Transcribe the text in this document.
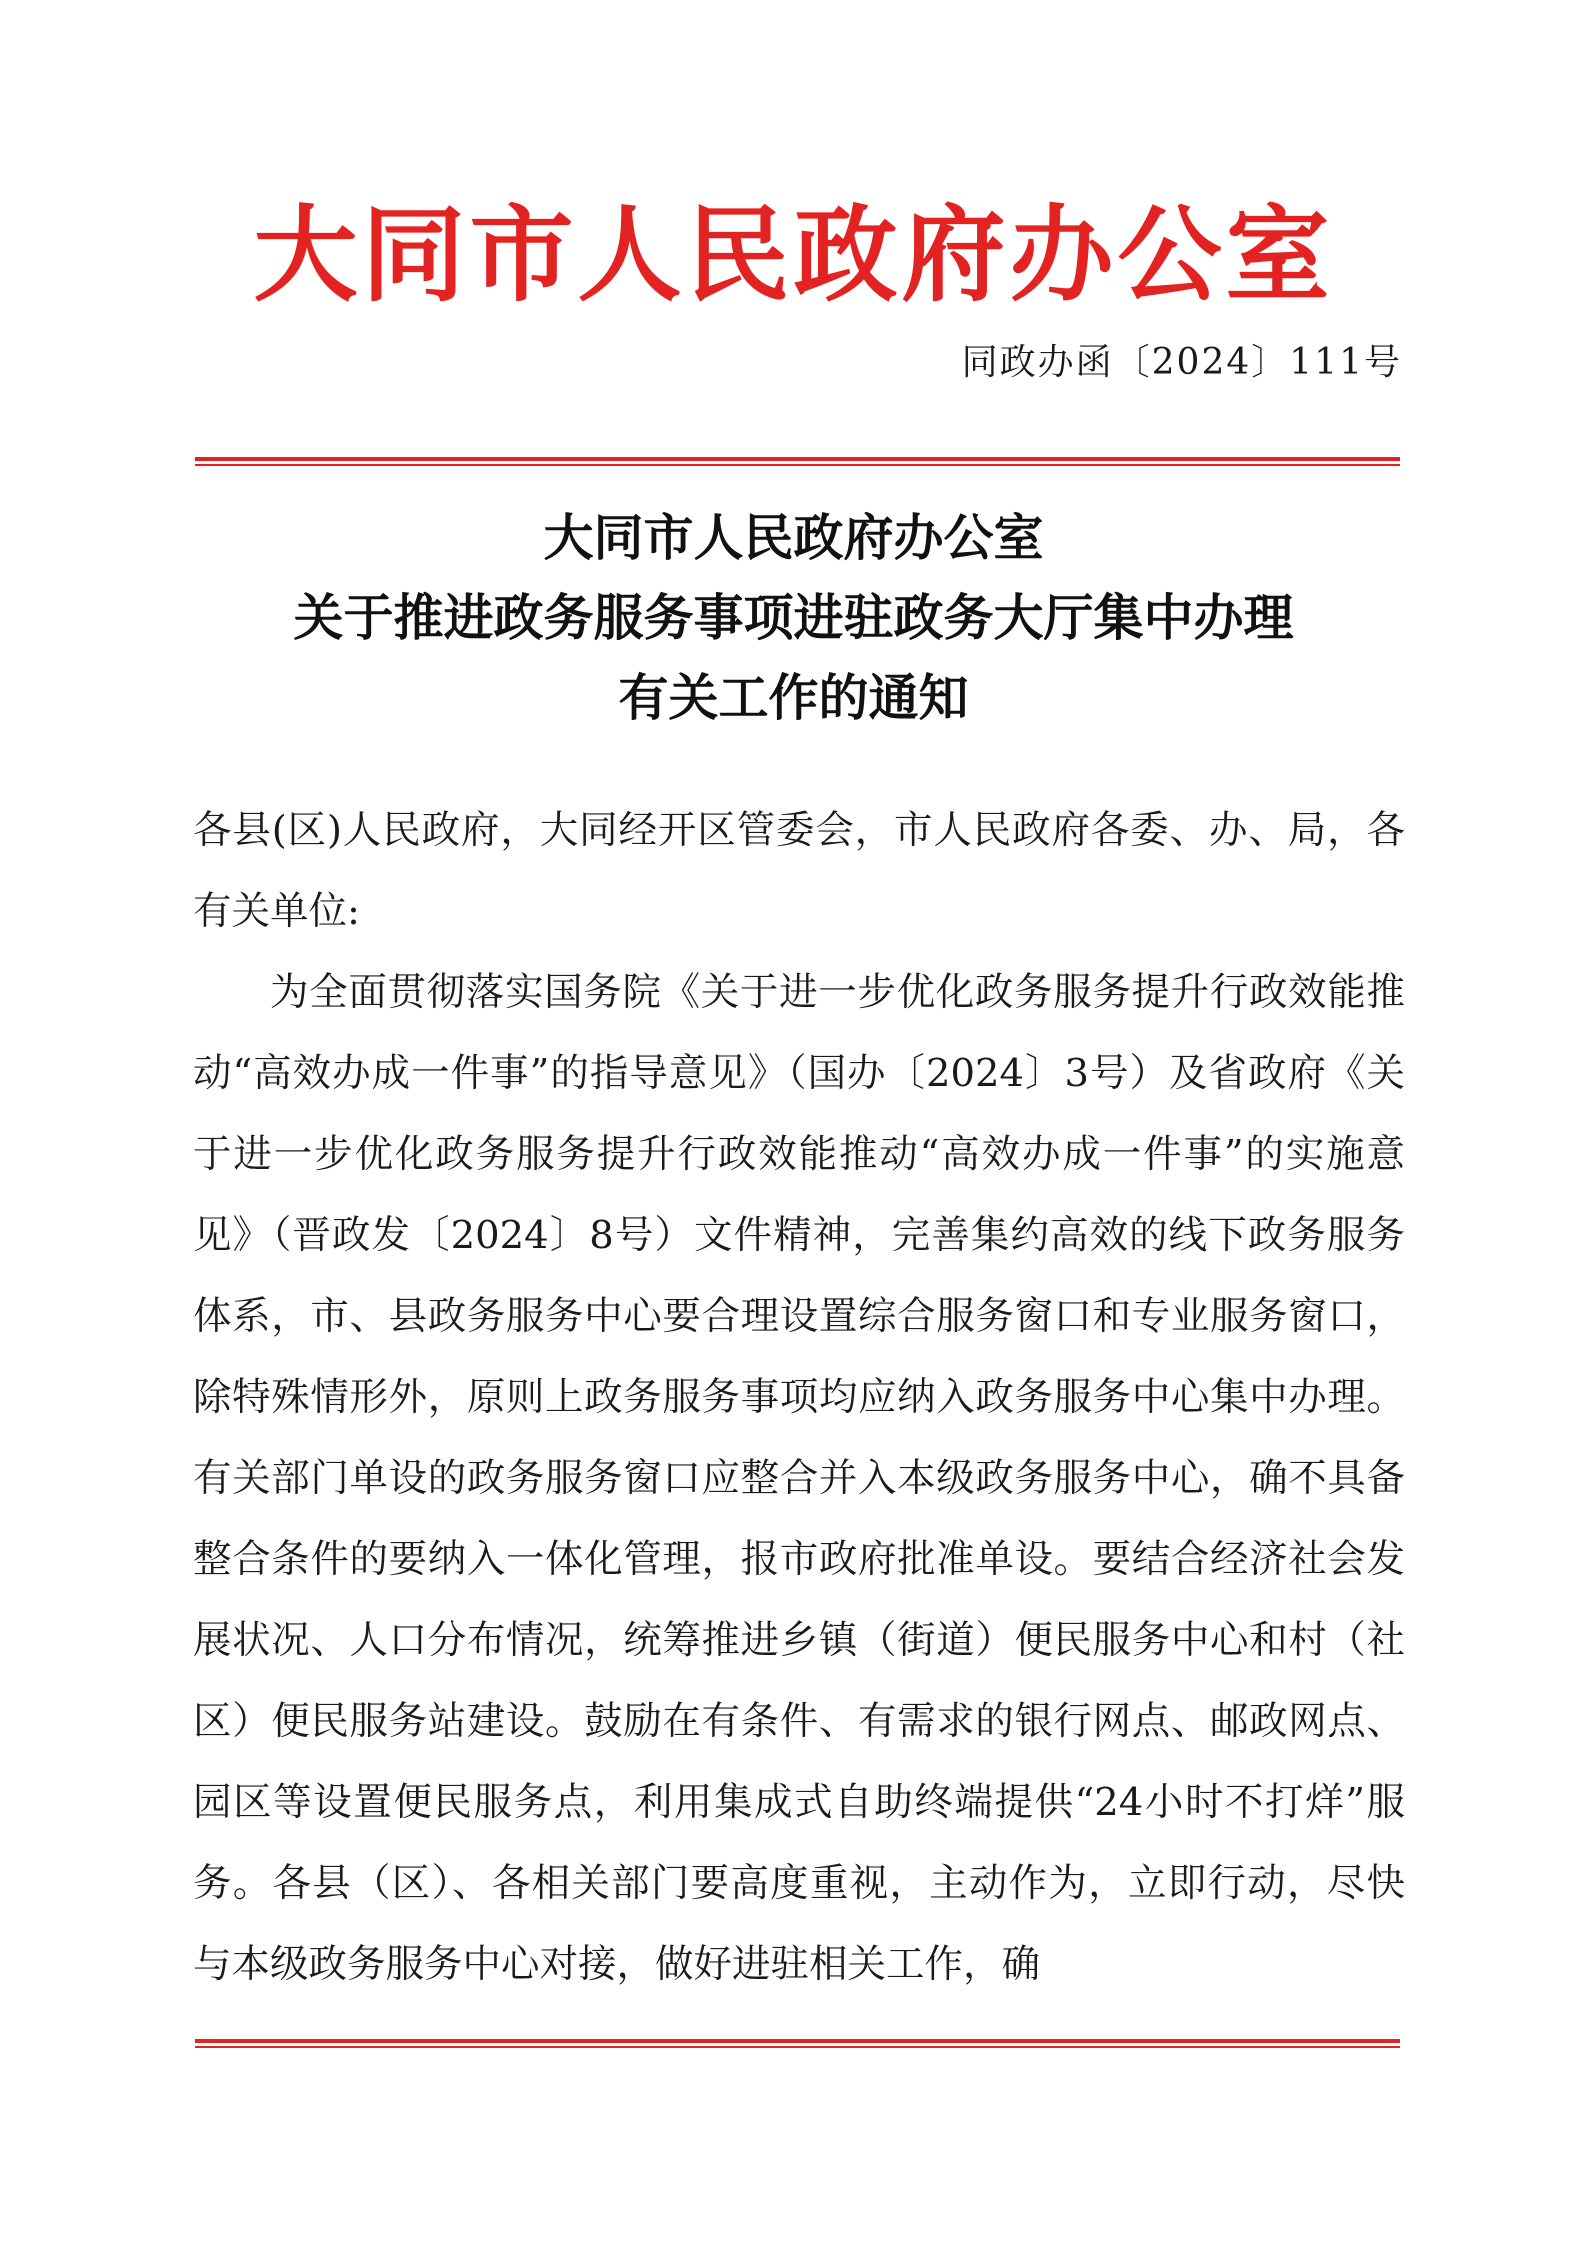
大同市人民政府办公室
同政办函〔2024〕111号
大同市人民政府办公室
关于推进政务服务事项进驻政务大厅集中办理
有关工作的通知

各县(区)人民政府，大同经开区管委会，市人民政府各委、办、局，各有关单位:

为全面贯彻落实国务院《关于进一步优化政务服务提升行政效能推动“高效办成一件事”的指导意见》（国办〔2024〕3号）及省政府《关于进一步优化政务服务提升行政效能推动“高效办成一件事”的实施意见》（晋政发〔2024〕8号）文件精神，完善集约高效的线下政务服务体系，市、县政务服务中心要合理设置综合服务窗口和专业服务窗口，除特殊情形外，原则上政务服务事项均应纳入政务服务中心集中办理。有关部门单设的政务服务窗口应整合并入本级政务服务中心，确不具备整合条件的要纳入一体化管理，报市政府批准单设。要结合经济社会发展状况、人口分布情况，统筹推进乡镇（街道）便民服务中心和村（社区）便民服务站建设。鼓励在有条件、有需求的银行网点、邮政网点、园区等设置便民服务点，利用集成式自助终端提供“24小时不打烊”服务。各县（区）、各相关部门要高度重视，主动作为，立即行动，尽快与本级政务服务中心对接，做好进驻相关工作，确
